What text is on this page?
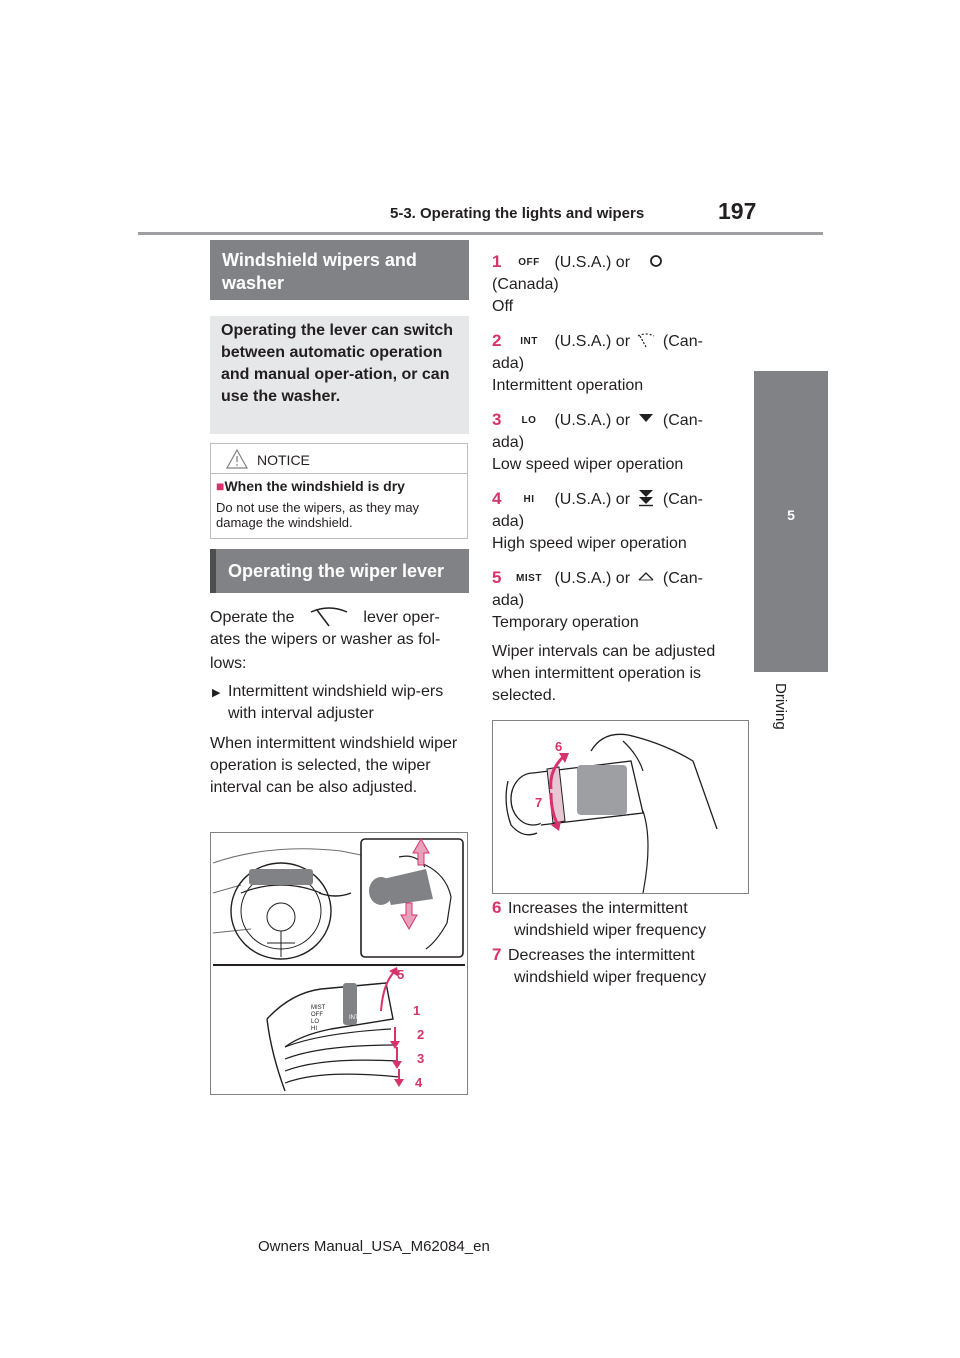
5-3. Operating the lights and wipers	197
5
Driving
Windshield wipers and
washer
Operating the lever can switch between automatic operation and manual oper-ation, or can use the washer.
NOTICE
■When the windshield is dry
Do not use the wipers, as they may damage the windshield.
Operating the wiper lever
Operate the	lever oper-
ates the wipers or washer as fol-lows:
▶ Intermittent windshield wip-ers with interval adjuster
When intermittent windshield wiper operation is selected, the wiper interval can be also adjusted.
MIST
OFF	INT
LO
HI
5
1
2
3
4
1 OFF (U.S.A.) or
(Canada)
Off
2 INT (U.S.A.) or (Can-
ada)
Intermittent operation
3 LO (U.S.A.) or (Can-
ada)
Low speed wiper operation
4 HI (U.S.A.) or (Can-
ada)
High speed wiper operation
5 MIST (U.S.A.) or (Can-
ada)
Temporary operation
Wiper intervals can be adjusted when intermittent operation is selected.
6
7
6 Increases the intermittent
windshield wiper frequency
7 Decreases the intermittent
windshield wiper frequency
Owners Manual_USA_M62084_en
